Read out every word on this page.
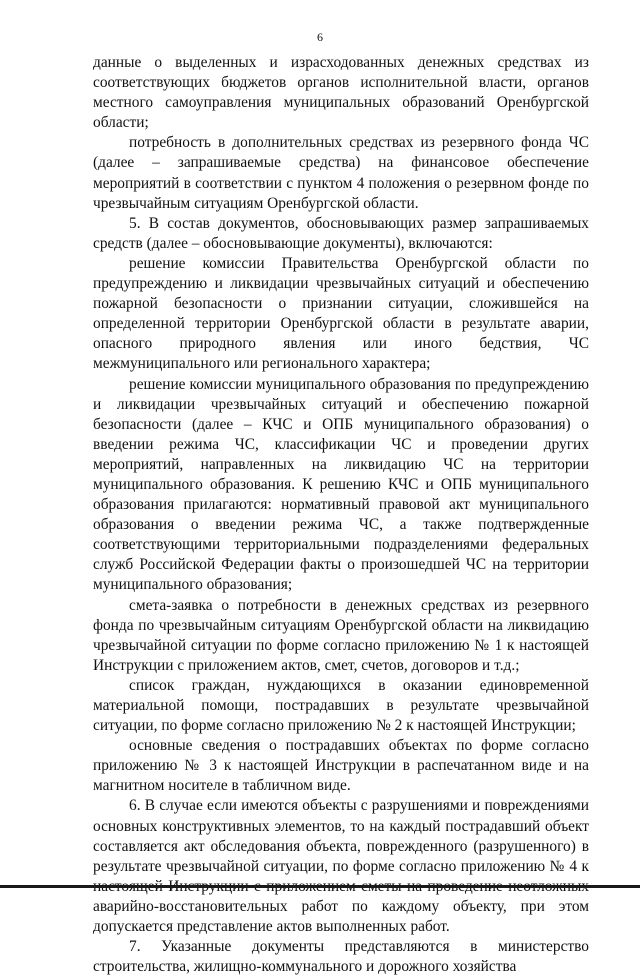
6

данные о выделенных и израсходованных денежных средствах из соответствующих бюджетов органов исполнительной власти, органов местного самоуправления муниципальных образований Оренбургской области;

потребность в дополнительных средствах из резервного фонда ЧС (далее – запрашиваемые средства) на финансовое обеспечение мероприятий в соответствии с пунктом 4 положения о резервном фонде по чрезвычайным ситуациям Оренбургской области.

5. В состав документов, обосновывающих размер запрашиваемых средств (далее – обосновывающие документы), включаются:

решение комиссии Правительства Оренбургской области по предупреждению и ликвидации чрезвычайных ситуаций и обеспечению пожарной безопасности о признании ситуации, сложившейся на определенной территории Оренбургской области в результате аварии, опасного природного явления или иного бедствия, ЧС межмуниципального или регионального характера;

решение комиссии муниципального образования по предупреждению и ликвидации чрезвычайных ситуаций и обеспечению пожарной безопасности (далее – КЧС и ОПБ муниципального образования) о введении режима ЧС, классификации ЧС и проведении других мероприятий, направленных на ликвидацию ЧС на территории муниципального образования. К решению КЧС и ОПБ муниципального образования прилагаются: нормативный правовой акт муниципального образования о введении режима ЧС, а также подтвержденные соответствующими территориальными подразделениями федеральных служб Российской Федерации факты о произошедшей ЧС на территории муниципального образования;

смета-заявка о потребности в денежных средствах из резервного фонда по чрезвычайным ситуациям Оренбургской области на ликвидацию чрезвычайной ситуации по форме согласно приложению № 1 к настоящей Инструкции с приложением актов, смет, счетов, договоров и т.д.;

список граждан, нуждающихся в оказании единовременной материальной помощи, пострадавших в результате чрезвычайной ситуации, по форме согласно приложению № 2 к настоящей Инструкции;

основные сведения о пострадавших объектах по форме согласно приложению № 3 к настоящей Инструкции в распечатанном виде и на магнитном носителе в табличном виде.

6. В случае если имеются объекты с разрушениями и повреждениями основных конструктивных элементов, то на каждый пострадавший объект составляется акт обследования объекта, поврежденного (разрушенного) в результате чрезвычайной ситуации, по форме согласно приложению № 4 к аварийно-восстановительных работ по каждому объекту, при этом допускается представление актов выполненных работ.

7. Указанные документы представляются в министерство строительства, жилищно-коммунального и дорожного хозяйства
